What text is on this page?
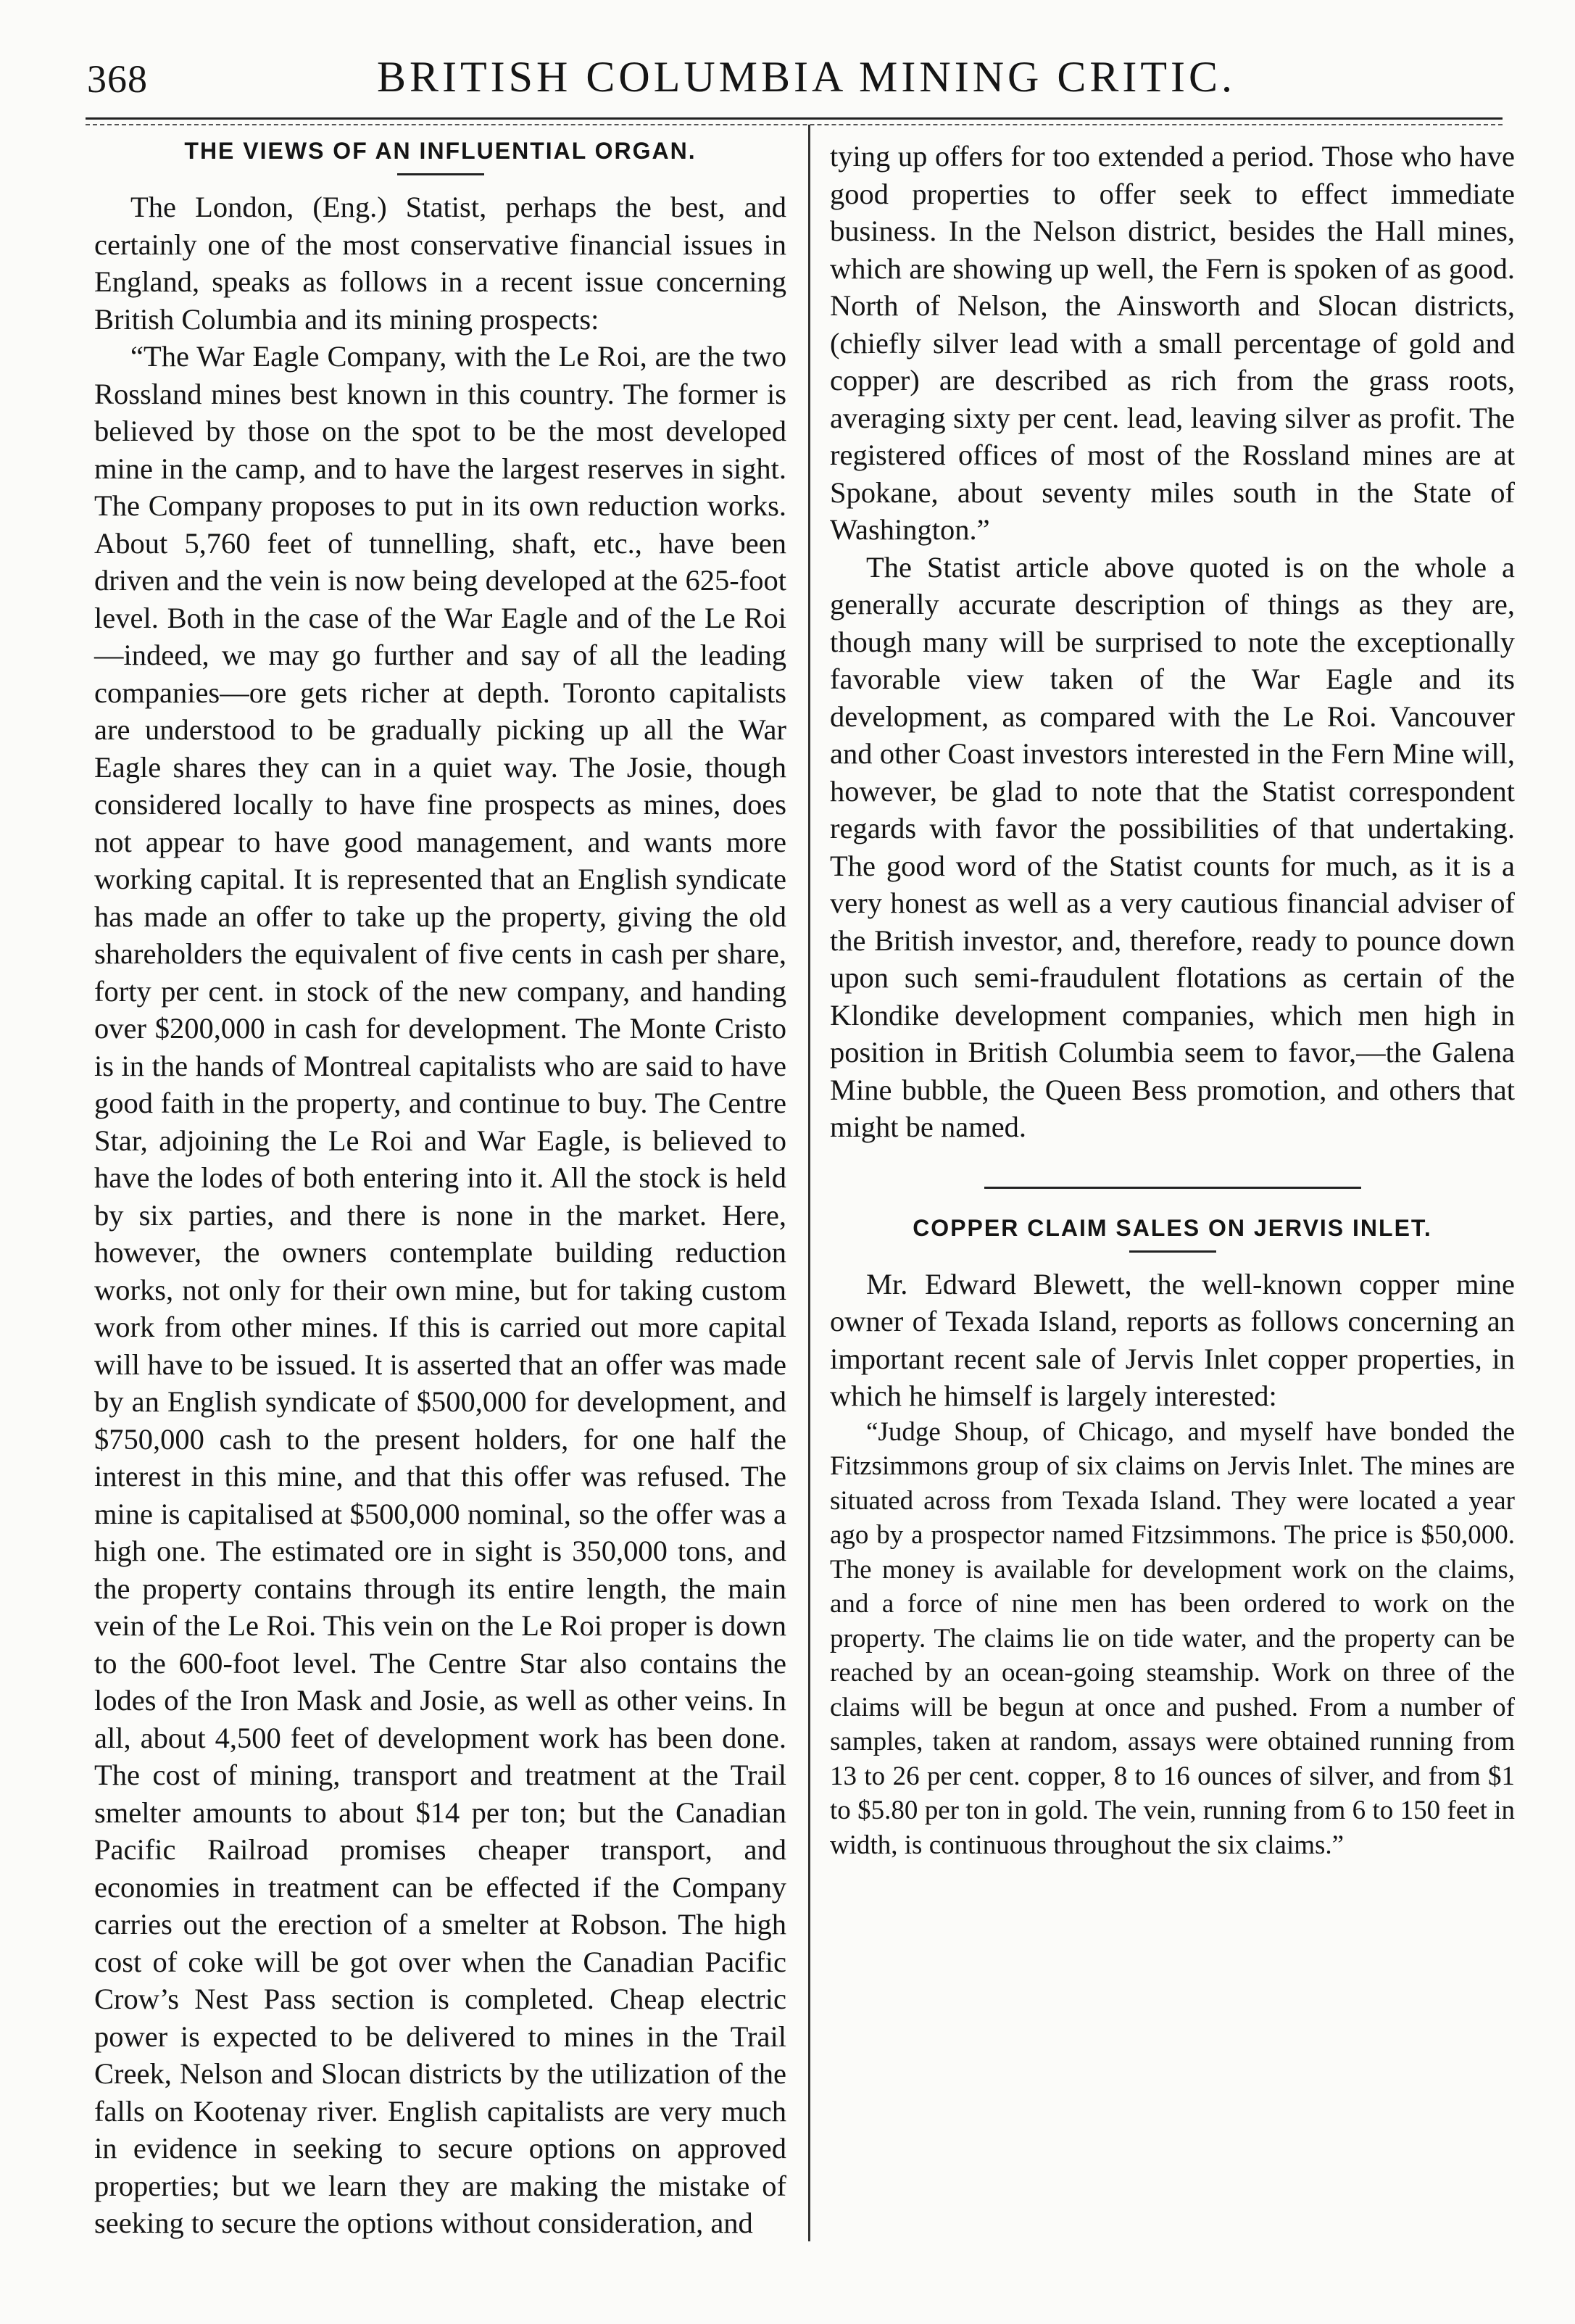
368	BRITISH COLUMBIA MINING CRITIC.
THE VIEWS OF AN INFLUENTIAL ORGAN.

The London, (Eng.) Statist, perhaps the best, and certainly one of the most conservative financial issues in England, speaks as follows in a recent issue concerning British Columbia and its mining prospects:

“The War Eagle Company, with the Le Roi, are the two Rossland mines best known in this country. The former is believed by those on the spot to be the most developed mine in the camp, and to have the largest reserves in sight. The Company proposes to put in its own reduction works. About 5,760 feet of tunnelling, shaft, etc., have been driven and the vein is now being developed at the 625-foot level. Both in the case of the War Eagle and of the Le Roi—indeed, we may go further and say of all the leading companies—ore gets richer at depth. Toronto capitalists are understood to be gradually picking up all the War Eagle shares they can in a quiet way. The Josie, though considered locally to have fine prospects as mines, does not appear to have good management, and wants more working capital. It is represented that an English syndicate has made an offer to take up the property, giving the old shareholders the equivalent of five cents in cash per share, forty per cent. in stock of the new company, and handing over $200,000 in cash for development. The Monte Cristo is in the hands of Montreal capitalists who are said to have good faith in the property, and continue to buy. The Centre Star, adjoining the Le Roi and War Eagle, is believed to have the lodes of both entering into it. All the stock is held by six parties, and there is none in the market. Here, however, the owners contemplate building reduction works, not only for their own mine, but for taking custom work from other mines. If this is carried out more capital will have to be issued. It is asserted that an offer was made by an English syndicate of $500,000 for development, and $750,000 cash to the present holders, for one half the interest in this mine, and that this offer was refused. The mine is capitalised at $500,000 nominal, so the offer was a high one. The estimated ore in sight is 350,000 tons, and the property contains through its entire length, the main vein of the Le Roi. This vein on the Le Roi proper is down to the 600-foot level. The Centre Star also contains the lodes of the Iron Mask and Josie, as well as other veins. In all, about 4,500 feet of development work has been done. The cost of mining, transport and treatment at the Trail smelter amounts to about $14 per ton; but the Canadian Pacific Railroad promises cheaper transport, and economies in treatment can be effected if the Company carries out the erection of a smelter at Robson. The high cost of coke will be got over when the Canadian Pacific Crow’s Nest Pass section is completed. Cheap electric power is expected to be delivered to mines in the Trail Creek, Nelson and Slocan districts by the utilization of the falls on Kootenay river. English capitalists are very much in evidence in seeking to secure options on approved properties; but we learn they are making the mistake of seeking to secure the options without consideration, and

tying up offers for too extended a period. Those who have good properties to offer seek to effect immediate business. In the Nelson district, besides the Hall mines, which are showing up well, the Fern is spoken of as good. North of Nelson, the Ainsworth and Slocan districts, (chiefly silver lead with a small percentage of gold and copper) are described as rich from the grass roots, averaging sixty per cent. lead, leaving silver as profit. The registered offices of most of the Rossland mines are at Spokane, about seventy miles south in the State of Washington.”

The Statist article above quoted is on the whole a generally accurate description of things as they are, though many will be surprised to note the exceptionally favorable view taken of the War Eagle and its development, as compared with the Le Roi. Vancouver and other Coast investors interested in the Fern Mine will, however, be glad to note that the Statist correspondent regards with favor the possibilities of that undertaking. The good word of the Statist counts for much, as it is a very honest as well as a very cautious financial adviser of the British investor, and, therefore, ready to pounce down upon such semi-fraudulent flotations as certain of the Klondike development companies, which men high in position in British Columbia seem to favor,—the Galena Mine bubble, the Queen Bess promotion, and others that might be named.

COPPER CLAIM SALES ON JERVIS INLET.

Mr. Edward Blewett, the well-known copper mine owner of Texada Island, reports as follows concerning an important recent sale of Jervis Inlet copper properties, in which he himself is largely interested:

“Judge Shoup, of Chicago, and myself have bonded the Fitzsimmons group of six claims on Jervis Inlet. The mines are situated across from Texada Island. They were located a year ago by a prospector named Fitzsimmons. The price is $50,000. The money is available for development work on the claims, and a force of nine men has been ordered to work on the property. The claims lie on tide water, and the property can be reached by an ocean-going steamship. Work on three of the claims will be begun at once and pushed. From a number of samples, taken at random, assays were obtained running from 13 to 26 per cent. copper, 8 to 16 ounces of silver, and from $1 to $5.80 per ton in gold. The vein, running from 6 to 150 feet in width, is continuous throughout the six claims.”
